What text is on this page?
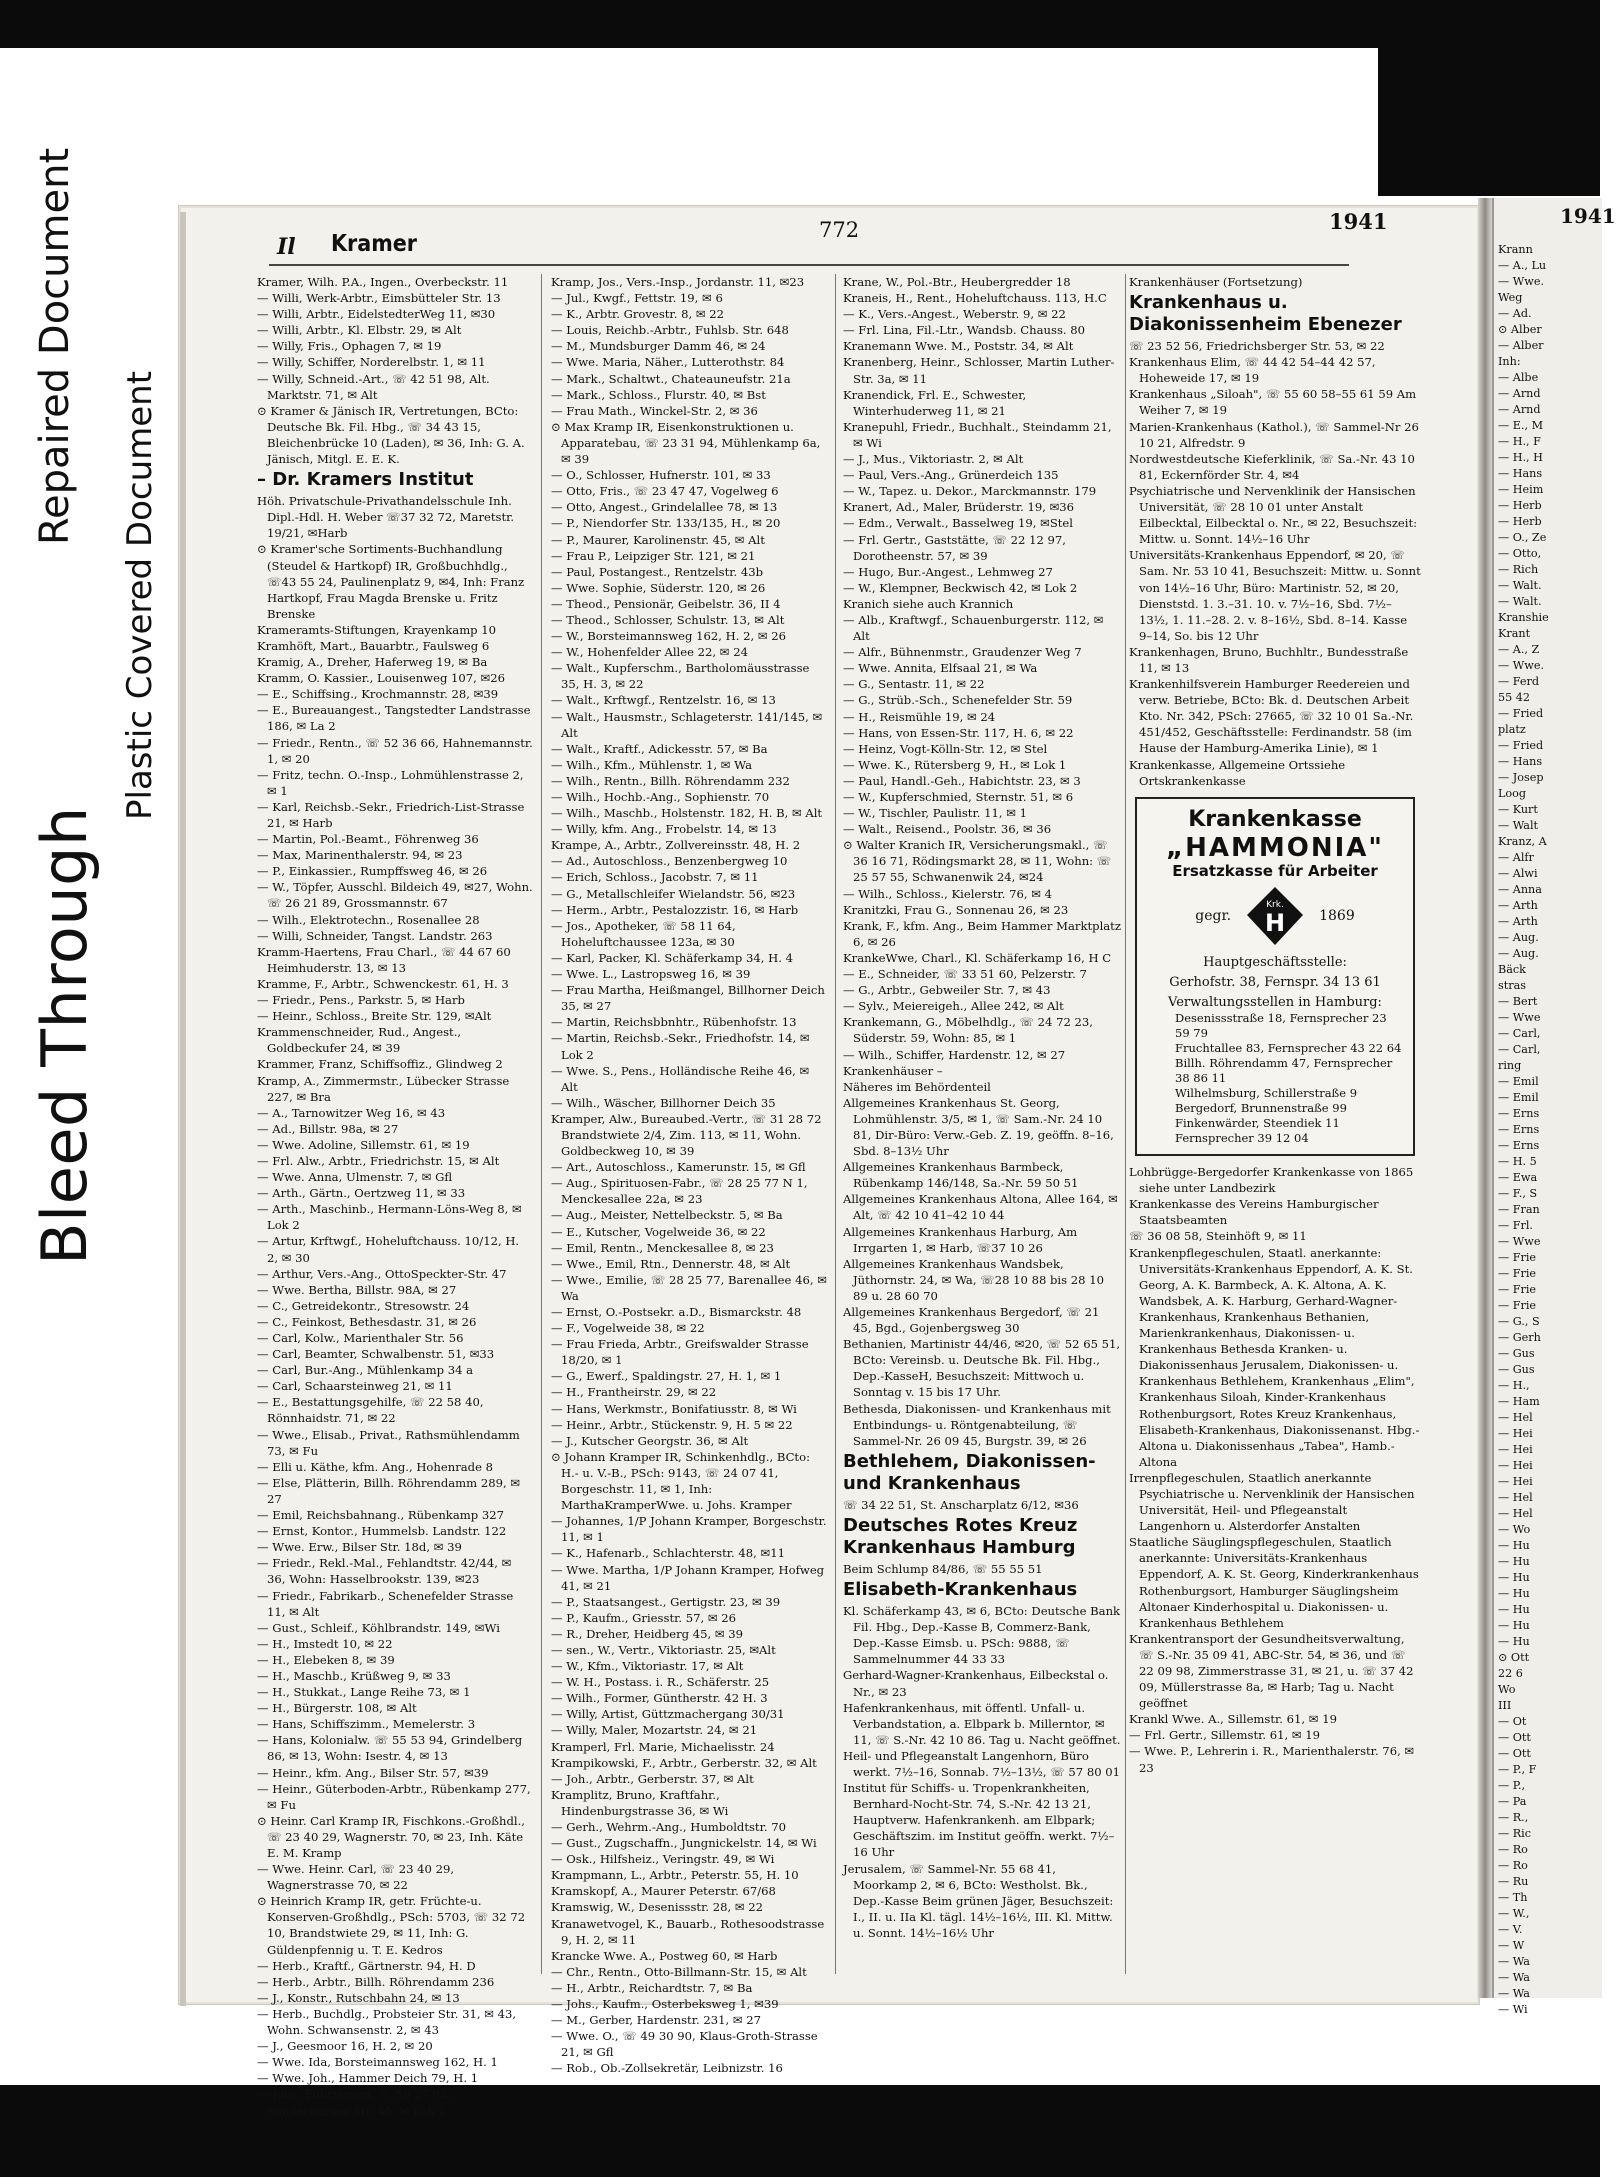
Bleed Through
Repaired Document
Plastic Covered Document
Il Kramer
772	1941
Kramer, Wilh. P.A., Ingen., Overbeckstr. 11
— Willi, Werk-Arbtr., Eimsbütteler Str. 13
— Willi, Arbtr., EidelstedterWeg 11, ✉30
— Willi, Arbtr., Kl. Elbstr. 29, ✉ Alt
— Willy, Fris., Ophagen 7, ✉ 19
— Willy, Schiffer, Norderelbstr. 1, ✉ 11
— Willy, Schneid.-Art., ☏ 42 51 98, Alt. Marktstr. 71, ✉ Alt
⊙ Kramer & Jänisch IR, Vertretungen, BCto: Deutsche Bk. Fil. Hbg., ☏ 34 43 15, Bleichenbrücke 10 (Laden), ✉ 36, Inh: G. A. Jänisch, Mitgl. E. E. K.
– Dr. Kramers Institut
Höh. Privatschule-Privathandelsschule Inh. Dipl.-Hdl. H. Weber ☏37 32 72, Maretstr. 19/21, ✉Harb
⊙ Kramer'sche Sortiments-Buchhandlung (Steudel & Hartkopf) IR, Großbuchhdlg., ☏43 55 24, Paulinenplatz 9, ✉4, Inh: Franz Hartkopf, Frau Magda Brenske u. Fritz Brenske
Krameramts-Stiftungen, Krayenkamp 10
Kramhöft, Mart., Bauarbtr., Faulsweg 6
Kramig, A., Dreher, Haferweg 19, ✉ Ba
Kramm, O. Kassier., Louisenweg 107, ✉26
— E., Schiffsing., Krochmannstr. 28, ✉39
— E., Bureauangest., Tangstedter Landstrasse 186, ✉ La 2
— Friedr., Rentn., ☏ 52 36 66, Hahnemannstr. 1, ✉ 20
— Fritz, techn. O.-Insp., Lohmühlenstrasse 2, ✉ 1
— Karl, Reichsb.-Sekr., Friedrich-List-Strasse 21, ✉ Harb
— Martin, Pol.-Beamt., Föhrenweg 36
— Max, Marinenthalerstr. 94, ✉ 23
— P., Einkassier., Rumpffsweg 46, ✉ 26
— W., Töpfer, Ausschl. Bildeich 49, ✉27, Wohn. ☏ 26 21 89, Grossmannstr. 67
— Wilh., Elektrotechn., Rosenallee 28
— Willi, Schneider, Tangst. Landstr. 263
Kramm-Haertens, Frau Charl., ☏ 44 67 60 Heimhuderstr. 13, ✉ 13
Kramme, F., Arbtr., Schwenckestr. 61, H. 3
— Friedr., Pens., Parkstr. 5, ✉ Harb
— Heinr., Schloss., Breite Str. 129, ✉Alt
Krammenschneider, Rud., Angest., Goldbeckufer 24, ✉ 39
Krammer, Franz, Schiffsoffiz., Glindweg 2
Kramp, A., Zimmermstr., Lübecker Strasse 227, ✉ Bra
— A., Tarnowitzer Weg 16, ✉ 43
— Ad., Billstr. 98a, ✉ 27
— Wwe. Adoline, Sillemstr. 61, ✉ 19
— Frl. Alw., Arbtr., Friedrichstr. 15, ✉ Alt
— Wwe. Anna, Ulmenstr. 7, ✉ Gfl
— Arth., Gärtn., Oertzweg 11, ✉ 33
— Arth., Maschinb., Hermann-Löns-Weg 8, ✉ Lok 2
— Artur, Krftwgf., Hoheluftchauss. 10/12, H. 2, ✉ 30
— Arthur, Vers.-Ang., OttoSpeckter-Str. 47
— Wwe. Bertha, Billstr. 98A, ✉ 27
— C., Getreidekontr., Stresowstr. 24
— C., Feinkost, Bethesdastr. 31, ✉ 26
— Carl, Kolw., Marienthaler Str. 56
— Carl, Beamter, Schwalbenstr. 51, ✉33
— Carl, Bur.-Ang., Mühlenkamp 34 a
— Carl, Schaarsteinweg 21, ✉ 11
— E., Bestattungsgehilfe, ☏ 22 58 40, Rönnhaidstr. 71, ✉ 22
— Wwe., Elisab., Privat., Rathsmühlendamm 73, ✉ Fu
— Elli u. Käthe, kfm. Ang., Hohenrade 8
— Else, Plätterin, Billh. Röhrendamm 289, ✉ 27
— Emil, Reichsbahnang., Rübenkamp 327
— Ernst, Kontor., Hummelsb. Landstr. 122
— Wwe. Erw., Bilser Str. 18d, ✉ 39
— Friedr., Rekl.-Mal., Fehlandtstr. 42/44, ✉ 36, Wohn: Hasselbrookstr. 139, ✉23
— Friedr., Fabrikarb., Schenefelder Strasse 11, ✉ Alt
— Gust., Schleif., Köhlbrandstr. 149, ✉Wi
— H., Imstedt 10, ✉ 22
— H., Elebeken 8, ✉ 39
— H., Maschb., Krüßweg 9, ✉ 33
— H., Stukkat., Lange Reihe 73, ✉ 1
— H., Bürgerstr. 108, ✉ Alt
— Hans, Schiffszimm., Memelerstr. 3
— Hans, Kolonialw. ☏ 55 53 94, Grindelberg 86, ✉ 13, Wohn: Isestr. 4, ✉ 13
— Heinr., kfm. Ang., Bilser Str. 57, ✉39
— Heinr., Güterboden-Arbtr., Rübenkamp 277, ✉ Fu
⊙ Heinr. Carl Kramp IR, Fischkons.-Großhdl., ☏ 23 40 29, Wagnerstr. 70, ✉ 23, Inh. Käte E. M. Kramp
— Wwe. Heinr. Carl, ☏ 23 40 29, Wagnerstrasse 70, ✉ 22
⊙ Heinrich Kramp IR, getr. Früchte-u. Konserven-Großhdlg., PSch: 5703, ☏ 32 72 10, Brandstwiete 29, ✉ 11, Inh: G. Güldenpfennig u. T. E. Kedros
— Herb., Kraftf., Gärtnerstr. 94, H. D
— Herb., Arbtr., Billh. Röhrendamm 236
— J., Konstr., Rutschbahn 24, ✉ 13
— Herb., Buchdlg., Probsteier Str. 31, ✉ 43, Wohn. Schwansenstr. 2, ✉ 43
— J., Geesmoor 16, H. 2, ✉ 20
— Wwe. Ida, Borsteimannsweg 162, H. 1
— Wwe. Joh., Hammer Deich 79, H. 1
— Jobs, Fuhrwesen, ☏ 58 27 92, Sonderburger Str. 45, ✉ Lok 1
Kramp, Jos., Vers.-Insp., Jordanstr. 11, ✉23
— Jul., Kwgf., Fettstr. 19, ✉ 6
— K., Arbtr. Grovestr. 8, ✉ 22
— Louis, Reichb.-Arbtr., Fuhlsb. Str. 648
— M., Mundsburger Damm 46, ✉ 24
— Wwe. Maria, Näher., Lutterothstr. 84
— Mark., Schaltwt., Chateauneufstr. 21a
— Mark., Schloss., Flurstr. 40, ✉ Bst
— Frau Math., Winckel-Str. 2, ✉ 36
⊙ Max Kramp IR, Eisenkonstruktionen u. Apparatebau, ☏ 23 31 94, Mühlenkamp 6a, ✉ 39
— O., Schlosser, Hufnerstr. 101, ✉ 33
— Otto, Fris., ☏ 23 47 47, Vogelweg 6
— Otto, Angest., Grindelallee 78, ✉ 13
— P., Niendorfer Str. 133/135, H., ✉ 20
— P., Maurer, Karolinenstr. 45, ✉ Alt
— Frau P., Leipziger Str. 121, ✉ 21
— Paul, Postangest., Rentzelstr. 43b
— Wwe. Sophie, Süderstr. 120, ✉ 26
— Theod., Pensionär, Geibelstr. 36, II 4
— Theod., Schlosser, Schulstr. 13, ✉ Alt
— W., Borsteimannsweg 162, H. 2, ✉ 26
— W., Hohenfelder Allee 22, ✉ 24
— Walt., Kupferschm., Bartholomäusstrasse 35, H. 3, ✉ 22
— Walt., Krftwgf., Rentzelstr. 16, ✉ 13
— Walt., Hausmstr., Schlageterstr. 141/145, ✉ Alt
— Walt., Kraftf., Adickesstr. 57, ✉ Ba
— Wilh., Kfm., Mühlenstr. 1, ✉ Wa
— Wilh., Rentn., Billh. Röhrendamm 232
— Wilh., Hochb.-Ang., Sophienstr. 70
— Wilh., Maschb., Holstenstr. 182, H. B, ✉ Alt
— Willy, kfm. Ang., Frobelstr. 14, ✉ 13
Krampe, A., Arbtr., Zollvereinsstr. 48, H. 2
— Ad., Autoschloss., Benzenbergweg 10
— Erich, Schloss., Jacobstr. 7, ✉ 11
— G., Metallschleifer Wielandstr. 56, ✉23
— Herm., Arbtr., Pestalozzistr. 16, ✉ Harb
— Jos., Apotheker, ☏ 58 11 64, Hoheluftchaussee 123a, ✉ 30
— Karl, Packer, Kl. Schäferkamp 34, H. 4
— Wwe. L., Lastropsweg 16, ✉ 39
— Frau Martha, Heißmangel, Billhorner Deich 35, ✉ 27
— Martin, Reichsbbnhtr., Rübenhofstr. 13
— Martin, Reichsb.-Sekr., Friedhofstr. 14, ✉ Lok 2
— Wwe. S., Pens., Holländische Reihe 46, ✉ Alt
— Wilh., Wäscher, Billhorner Deich 35
Kramper, Alw., Bureaubed.-Vertr., ☏ 31 28 72 Brandstwiete 2/4, Zim. 113, ✉ 11, Wohn. Goldbeckweg 10, ✉ 39
— Art., Autoschloss., Kamerunstr. 15, ✉ Gfl
— Aug., Spirituosen-Fabr., ☏ 28 25 77 N 1, Menckesallee 22a, ✉ 23
— Aug., Meister, Nettelbeckstr. 5, ✉ Ba
— E., Kutscher, Vogelweide 36, ✉ 22
— Emil, Rentn., Menckesallee 8, ✉ 23
— Wwe., Emil, Rtn., Dennerstr. 48, ✉ Alt
— Wwe., Emilie, ☏ 28 25 77, Barenallee 46, ✉ Wa
— Ernst, O.-Postsekr. a.D., Bismarckstr. 48
— F., Vogelweide 38, ✉ 22
— Frau Frieda, Arbtr., Greifswalder Strasse 18/20, ✉ 1
— G., Ewerf., Spaldingstr. 27, H. 1, ✉ 1
— H., Frantheirstr. 29, ✉ 22
— Hans, Werkmstr., Bonifatiusstr. 8, ✉ Wi
— Heinr., Arbtr., Stückenstr. 9, H. 5 ✉ 22
— J., Kutscher Georgstr. 36, ✉ Alt
⊙ Johann Kramper IR, Schinkenhdlg., BCto: H.- u. V.-B., PSch: 9143, ☏ 24 07 41, Borgeschstr. 11, ✉ 1, Inh: MarthaKramperWwe. u. Johs. Kramper
— Johannes, 1/P Johann Kramper, Borgeschstr. 11, ✉ 1
— K., Hafenarb., Schlachterstr. 48, ✉11
— Wwe. Martha, 1/P Johann Kramper, Hofweg 41, ✉ 21
— P., Staatsangest., Gertigstr. 23, ✉ 39
— P., Kaufm., Griesstr. 57, ✉ 26
— R., Dreher, Heidberg 45, ✉ 39
— sen., W., Vertr., Viktoriastr. 25, ✉Alt
— W., Kfm., Viktoriastr. 17, ✉ Alt
— W. H., Postass. i. R., Schäferstr. 25
— Wilh., Former, Güntherstr. 42 H. 3
— Willy, Artist, Güttzmachergang 30/31
— Willy, Maler, Mozartstr. 24, ✉ 21
Kramperl, Frl. Marie, Michaelisstr. 24
Krampikowski, F., Arbtr., Gerberstr. 32, ✉ Alt
— Joh., Arbtr., Gerberstr. 37, ✉ Alt
Kramplitz, Bruno, Kraftfahr., Hindenburgstrasse 36, ✉ Wi
— Gerh., Wehrm.-Ang., Humboldtstr. 70
— Gust., Zugschaffn., Jungnickelstr. 14, ✉ Wi
— Osk., Hilfsheiz., Veringstr. 49, ✉ Wi
Krampmann, L., Arbtr., Peterstr. 55, H. 10
Kramskopf, A., Maurer Peterstr. 67/68
Kramswig, W., Desenissstr. 28, ✉ 22
Kranawetvogel, K., Bauarb., Rothesoodstrasse 9, H. 2, ✉ 11
Krancke Wwe. A., Postweg 60, ✉ Harb
— Chr., Rentn., Otto-Billmann-Str. 15, ✉ Alt
— H., Arbtr., Reichardtstr. 7, ✉ Ba
— Johs., Kaufm., Osterbeksweg 1, ✉39
— M., Gerber, Hardenstr. 231, ✉ 27
— Wwe. O., ☏ 49 30 90, Klaus-Groth-Strasse 21, ✉ Gfl
— Rob., Ob.-Zollsekretär, Leibnizstr. 16
Krane, W., Pol.-Btr., Heubergredder 18
Kraneis, H., Rent., Hoheluftchauss. 113, H.C
— K., Vers.-Angest., Weberstr. 9, ✉ 22
— Frl. Lina, Fil.-Ltr., Wandsb. Chauss. 80
Kranemann Wwe. M., Poststr. 34, ✉ Alt
Kranenberg, Heinr., Schlosser, Martin Luther-Str. 3a, ✉ 11
Kranendick, Frl. E., Schwester, Winterhuderweg 11, ✉ 21
Kranepuhl, Friedr., Buchhalt., Steindamm 21, ✉ Wi
— J., Mus., Viktoriastr. 2, ✉ Alt
— Paul, Vers.-Ang., Grünerdeich 135
— W., Tapez. u. Dekor., Marckmannstr. 179
Kranert, Ad., Maler, Brüderstr. 19, ✉36
— Edm., Verwalt., Basselweg 19, ✉Stel
— Frl. Gertr., Gaststätte, ☏ 22 12 97, Dorotheenstr. 57, ✉ 39
— Hugo, Bur.-Angest., Lehmweg 27
— W., Klempner, Beckwisch 42, ✉ Lok 2
Kranich siehe auch Krannich
— Alb., Kraftwgf., Schauenburgerstr. 112, ✉ Alt
— Alfr., Bühnenmstr., Graudenzer Weg 7
— Wwe. Annita, Elfsaal 21, ✉ Wa
— G., Sentastr. 11, ✉ 22
— G., Strüb.-Sch., Schenefelder Str. 59
— H., Reismühle 19, ✉ 24
— Hans, von Essen-Str. 117, H. 6, ✉ 22
— Heinz, Vogt-Kölln-Str. 12, ✉ Stel
— Wwe. K., Rütersberg 9, H., ✉ Lok 1
— Paul, Handl.-Geh., Habichtstr. 23, ✉ 3
— W., Kupferschmied, Sternstr. 51, ✉ 6
— W., Tischler, Paulistr. 11, ✉ 1
— Walt., Reisend., Poolstr. 36, ✉ 36
⊙ Walter Kranich IR, Versicherungsmakl., ☏ 36 16 71, Rödingsmarkt 28, ✉ 11, Wohn: ☏ 25 57 55, Schwanenwik 24, ✉24
— Wilh., Schloss., Kielerstr. 76, ✉ 4
Kranitzki, Frau G., Sonnenau 26, ✉ 23
Krank, F., kfm. Ang., Beim Hammer Marktplatz 6, ✉ 26
KrankeWwe, Charl., Kl. Schäferkamp 16, H C
— E., Schneider, ☏ 33 51 60, Pelzerstr. 7
— G., Arbtr., Gebweiler Str. 7, ✉ 43
— Sylv., Meiereigeh., Allee 242, ✉ Alt
Krankemann, G., Möbelhdlg., ☏ 24 72 23, Süderstr. 59, Wohn: 85, ✉ 1
— Wilh., Schiffer, Hardenstr. 12, ✉ 27
Krankenhäuser –
Näheres im Behördenteil
Allgemeines Krankenhaus St. Georg, Lohmühlenstr. 3/5, ✉ 1, ☏ Sam.-Nr. 24 10 81, Dir-Büro: Verw.-Geb. Z. 19, geöffn. 8–16, Sbd. 8–13½ Uhr
Allgemeines Krankenhaus Barmbeck, Rübenkamp 146/148, Sa.-Nr. 59 50 51
Allgemeines Krankenhaus Altona, Allee 164, ✉ Alt, ☏ 42 10 41–42 10 44
Allgemeines Krankenhaus Harburg, Am Irrgarten 1, ✉ Harb, ☏37 10 26
Allgemeines Krankenhaus Wandsbek, Jüthornstr. 24, ✉ Wa, ☏28 10 88 bis 28 10 89 u. 28 60 70
Allgemeines Krankenhaus Bergedorf, ☏ 21 45, Bgd., Gojenbergsweg 30
Bethanien, Martinistr 44/46, ✉20, ☏ 52 65 51, BCto: Vereinsb. u. Deutsche Bk. Fil. Hbg., Dep.-KasseH, Besuchszeit: Mittwoch u. Sonntag v. 15 bis 17 Uhr.
Bethesda, Diakonissen- und Krankenhaus mit Entbindungs- u. Röntgenabteilung, ☏ Sammel-Nr. 26 09 45, Burgstr. 39, ✉ 26
Bethlehem, Diakonissen- und Krankenhaus
☏ 34 22 51, St. Anscharplatz 6/12, ✉36
Deutsches Rotes Kreuz Krankenhaus Hamburg
Beim Schlump 84/86, ☏ 55 55 51
Elisabeth-Krankenhaus
Kl. Schäferkamp 43, ✉ 6, BCto: Deutsche Bank Fil. Hbg., Dep.-Kasse B, Commerz-Bank, Dep.-Kasse Eimsb. u. PSch: 9888, ☏ Sammelnummer 44 33 33
Gerhard-Wagner-Krankenhaus, Eilbeckstal o. Nr., ✉ 23
Hafenkrankenhaus, mit öffentl. Unfall- u. Verbandstation, a. Elbpark b. Millerntor, ✉ 11, ☏ S.-Nr. 42 10 86. Tag u. Nacht geöffnet.
Heil- und Pflegeanstalt Langenhorn, Büro werkt. 7½–16, Sonnab. 7½–13½, ☏ 57 80 01
Institut für Schiffs- u. Tropenkrankheiten, Bernhard-Nocht-Str. 74, S.-Nr. 42 13 21, Hauptverw. Hafenkrankenh. am Elbpark; Geschäftszim. im Institut geöffn. werkt. 7½–16 Uhr
Jerusalem, ☏ Sammel-Nr. 55 68 41, Moorkamp 2, ✉ 6, BCto: Westholst. Bk., Dep.-Kasse Beim grünen Jäger, Besuchszeit: I., II. u. IIa Kl. tägl. 14½–16½, III. Kl. Mittw. u. Sonnt. 14½–16½ Uhr
Krankenhäuser (Fortsetzung)
Krankenhaus u. Diakonissenheim Ebenezer
☏ 23 52 56, Friedrichsberger Str. 53, ✉ 22
Krankenhaus Elim, ☏ 44 42 54–44 42 57, Hoheweide 17, ✉ 19
Krankenhaus „Siloah", ☏ 55 60 58–55 61 59 Am Weiher 7, ✉ 19
Marien-Krankenhaus (Kathol.), ☏ Sammel-Nr 26 10 21, Alfredstr. 9
Nordwestdeutsche Kieferklinik, ☏ Sa.-Nr. 43 10 81, Eckernförder Str. 4, ✉4
Psychiatrische und Nervenklinik der Hansischen Universität, ☏ 28 10 01 unter Anstalt Eilbecktal, Eilbecktal o. Nr., ✉ 22, Besuchszeit: Mittw. u. Sonnt. 14½–16 Uhr
Universitäts-Krankenhaus Eppendorf, ✉ 20, ☏ Sam. Nr. 53 10 41, Besuchszeit: Mittw. u. Sonnt von 14½–16 Uhr, Büro: Martinistr. 52, ✉ 20, Dienststd. 1. 3.–31. 10. v. 7½–16, Sbd. 7½–13½, 1. 11.–28. 2. v. 8–16½, Sbd. 8–14. Kasse 9–14, So. bis 12 Uhr
Krankenhagen, Bruno, Buchhltr., Bundesstraße 11, ✉ 13
Krankenhilfsverein Hamburger Reedereien und verw. Betriebe, BCto: Bk. d. Deutschen Arbeit Kto. Nr. 342, PSch: 27665, ☏ 32 10 01 Sa.-Nr. 451/452, Geschäftsstelle: Ferdinandstr. 58 (im Hause der Hamburg-Amerika Linie), ✉ 1
Krankenkasse, Allgemeine Ortssiehe Ortskrankenkasse
Krankenkasse
„HAMMONIA"
Ersatzkasse für Arbeiter
gegr.
Krk.
H 1869
Hauptgeschäftsstelle:
Gerhofstr. 38, Fernspr. 34 13 61
Verwaltungsstellen in Hamburg:
Desenissstraße 18, Fernsprecher 23 59 79
Fruchtallee 83, Fernsprecher 43 22 64
Billh. Röhrendamm 47, Fernsprecher 38 86 11
Wilhelmsburg, Schillerstraße 9
Bergedorf, Brunnenstraße 99
Finkenwärder, Steendiek 11 Fernsprecher 39 12 04
Lohbrügge-Bergedorfer Krankenkasse von 1865 siehe unter Landbezirk
Krankenkasse des Vereins Hamburgischer Staatsbeamten
☏ 36 08 58, Steinhöft 9, ✉ 11
Krankenpflegeschulen, Staatl. anerkannte: Universitäts-Krankenhaus Eppendorf, A. K. St. Georg, A. K. Barmbeck, A. K. Altona, A. K. Wandsbek, A. K. Harburg, Gerhard-Wagner-Krankenhaus, Krankenhaus Bethanien, Marienkrankenhaus, Diakonissen- u. Krankenhaus Bethesda Kranken- u. Diakonissenhaus Jerusalem, Diakonissen- u. Krankenhaus Bethlehem, Krankenhaus „Elim", Krankenhaus Siloah, Kinder-Krankenhaus Rothenburgsort, Rotes Kreuz Krankenhaus, Elisabeth-Krankenhaus, Diakonissenanst. Hbg.-Altona u. Diakonissenhaus „Tabea", Hamb.-Altona
Irrenpflegeschulen, Staatlich anerkannte Psychiatrische u. Nervenklinik der Hansischen Universität, Heil- und Pflegeanstalt Langenhorn u. Alsterdorfer Anstalten
Staatliche Säuglingspflegeschulen, Staatlich anerkannte: Universitäts-Krankenhaus Eppendorf, A. K. St. Georg, Kinderkrankenhaus Rothenburgsort, Hamburger Säuglingsheim Altonaer Kinderhospital u. Diakonissen- u. Krankenhaus Bethlehem
Krankentransport der Gesundheitsverwaltung, ☏ S.-Nr. 35 09 41, ABC-Str. 54, ✉ 36, und ☏ 22 09 98, Zimmerstrasse 31, ✉ 21, u. ☏ 37 42 09, Müllerstrasse 8a, ✉ Harb; Tag u. Nacht geöffnet
Krankl Wwe. A., Sillemstr. 61, ✉ 19
— Frl. Gertr., Sillemstr. 61, ✉ 19
— Wwe. P., Lehrerin i. R., Marienthalerstr. 76, ✉ 23
1941
Krann
— A., Lu
— Wwe.
Weg
— Ad.
⊙ Alber
— Alber
Inh:
— Albe
— Arnd
— Arnd
— E., M
— H., F
— H., H
— Hans
— Heim
— Herb
— Herb
— O., Ze
— Otto,
— Rich
— Walt.
— Walt.
Kranshie
Krant
— A., Z
— Wwe.
— Ferd
55 42
— Fried
platz
— Fried
— Hans
— Josep
Loog
— Kurt
— Walt
Kranz, A
— Alfr
— Alwi
— Anna
— Arth
— Arth
— Aug.
— Aug.
Bäck
stras
— Bert
— Wwe
— Carl,
— Carl,
ring
— Emil
— Emil
— Erns
— Erns
— Erns
— H. 5
— Ewa
— F., S
— Fran
— Frl.
— Wwe
— Frie
— Frie
— Frie
— Frie
— G., S
— Gerh
— Gus
— Gus
— H.,
— Ham
— Hel
— Hei
— Hei
— Hei
— Hei
— Hel
— Hel
— Wo
— Hu
— Hu
— Hu
— Hu
— Hu
— Hu
— Hu
⊙ Ott
22 6
Wo
III
— Ot
— Ott
— Ott
— P., F
— P.,
— Pa
— R.,
— Ric
— Ro
— Ro
— Ru
— Th
— W.,
— V.
— W
— Wa
— Wa
— Wa
— Wi
